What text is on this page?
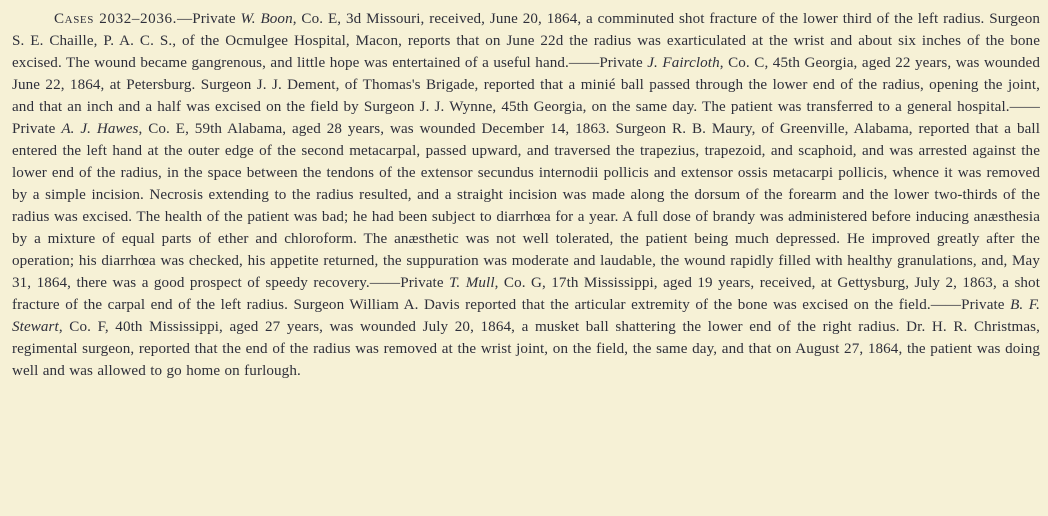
Cases 2032–2036.—Private W. Boon, Co. E, 3d Missouri, received, June 20, 1864, a comminuted shot fracture of the lower third of the left radius. Surgeon S. E. Chaille, P. A. C. S., of the Ocmulgee Hospital, Macon, reports that on June 22d the radius was exarticulated at the wrist and about six inches of the bone excised. The wound became gangrenous, and little hope was entertained of a useful hand.——Private J. Faircloth, Co. C, 45th Georgia, aged 22 years, was wounded June 22, 1864, at Petersburg. Surgeon J. J. Dement, of Thomas's Brigade, reported that a minié ball passed through the lower end of the radius, opening the joint, and that an inch and a half was excised on the field by Surgeon J. J. Wynne, 45th Georgia, on the same day. The patient was transferred to a general hospital.——Private A. J. Hawes, Co. E, 59th Alabama, aged 28 years, was wounded December 14, 1863. Surgeon R. B. Maury, of Greenville, Alabama, reported that a ball entered the left hand at the outer edge of the second metacarpal, passed upward, and traversed the trapezius, trapezoid, and scaphoid, and was arrested against the lower end of the radius, in the space between the tendons of the extensor secundus internodii pollicis and extensor ossis metacarpi pollicis, whence it was removed by a simple incision. Necrosis extending to the radius resulted, and a straight incision was made along the dorsum of the forearm and the lower two-thirds of the radius was excised. The health of the patient was bad; he had been subject to diarrhœa for a year. A full dose of brandy was administered before inducing anæsthesia by a mixture of equal parts of ether and chloroform. The anæsthetic was not well tolerated, the patient being much depressed. He improved greatly after the operation; his diarrhœa was checked, his appetite returned, the suppuration was moderate and laudable, the wound rapidly filled with healthy granulations, and, May 31, 1864, there was a good prospect of speedy recovery.——Private T. Mull, Co. G, 17th Mississippi, aged 19 years, received, at Gettysburg, July 2, 1863, a shot fracture of the carpal end of the left radius. Surgeon William A. Davis reported that the articular extremity of the bone was excised on the field.——Private B. F. Stewart, Co. F, 40th Mississippi, aged 27 years, was wounded July 20, 1864, a musket ball shattering the lower end of the right radius. Dr. H. R. Christmas, regimental surgeon, reported that the end of the radius was removed at the wrist joint, on the field, the same day, and that on August 27, 1864, the patient was doing well and was allowed to go home on furlough.
